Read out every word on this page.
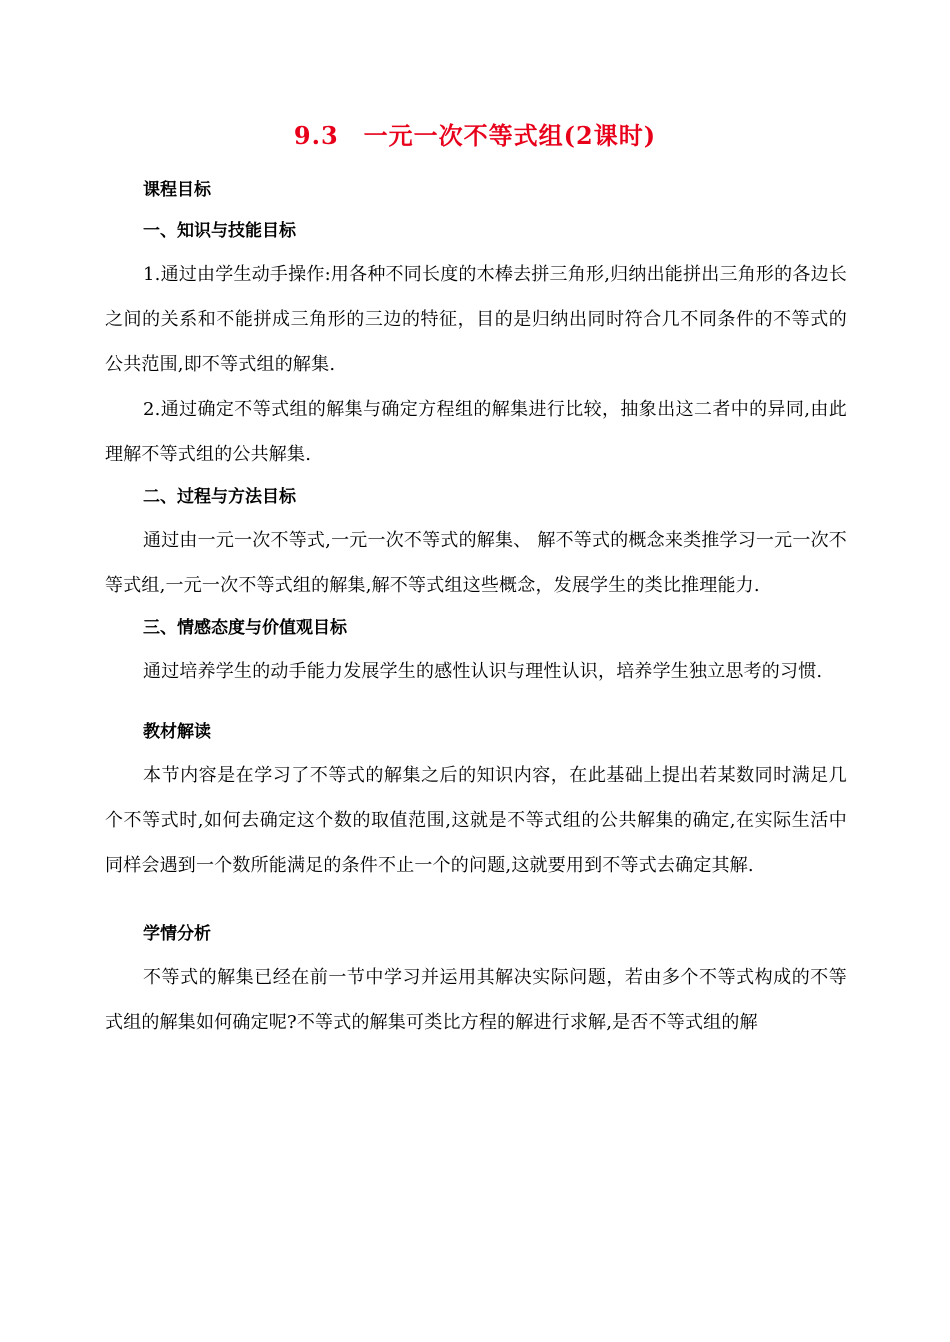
9.3　一元一次不等式组(2课时)
课程目标
一、知识与技能目标
1.通过由学生动手操作:用各种不同长度的木棒去拼三角形,归纳出能拼出三角形的各边长之间的关系和不能拼成三角形的三边的特征，目的是归纳出同时符合几不同条件的不等式的公共范围,即不等式组的解集.
2.通过确定不等式组的解集与确定方程组的解集进行比较，抽象出这二者中的异同,由此理解不等式组的公共解集.
二、过程与方法目标
通过由一元一次不等式,一元一次不等式的解集、 解不等式的概念来类推学习一元一次不等式组,一元一次不等式组的解集,解不等式组这些概念，发展学生的类比推理能力.
三、情感态度与价值观目标
通过培养学生的动手能力发展学生的感性认识与理性认识，培养学生独立思考的习惯.
教材解读
本节内容是在学习了不等式的解集之后的知识内容，在此基础上提出若某数同时满足几个不等式时,如何去确定这个数的取值范围,这就是不等式组的公共解集的确定,在实际生活中同样会遇到一个数所能满足的条件不止一个的问题,这就要用到不等式去确定其解.
学情分析
不等式的解集已经在前一节中学习并运用其解决实际问题，若由多个不等式构成的不等式组的解集如何确定呢?不等式的解集可类比方程的解进行求解,是否不等式组的解
